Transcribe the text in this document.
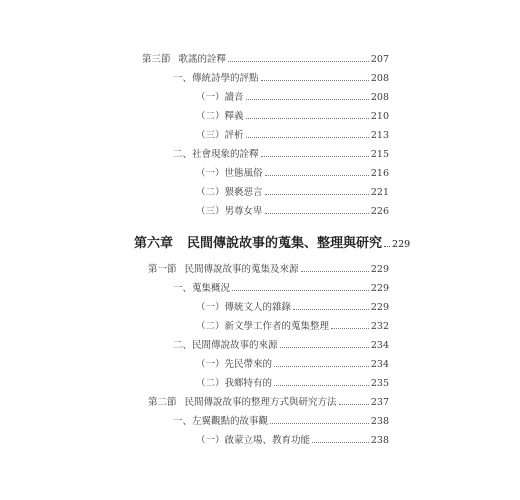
第三節 歌謠的詮釋	207
一、 傳統詩學的評點	208
（一） 讀音	208
（二） 釋義	210
（三） 評析	213
二、 社會現象的詮釋	215
（一） 世態風俗	216
（二） 猥褻惡言	221
（三） 男尊女卑	226
第六章 民間傳說故事的蒐集、整理與研究 229
第一節 民間傳說故事的蒐集及來源	229
一、 蒐集概況	229
（一） 傳統文人的雜錄	229
（二） 新文學工作者的蒐集整理	232
二、 民間傳說故事的來源	234
（一） 先民帶來的	234
（二） 我鄉特有的	235
第二節 民間傳說故事的整理方式與研究方法	237
一、 左翼觀點的故事觀	238
（一） 啟蒙立場、教育功能	238
